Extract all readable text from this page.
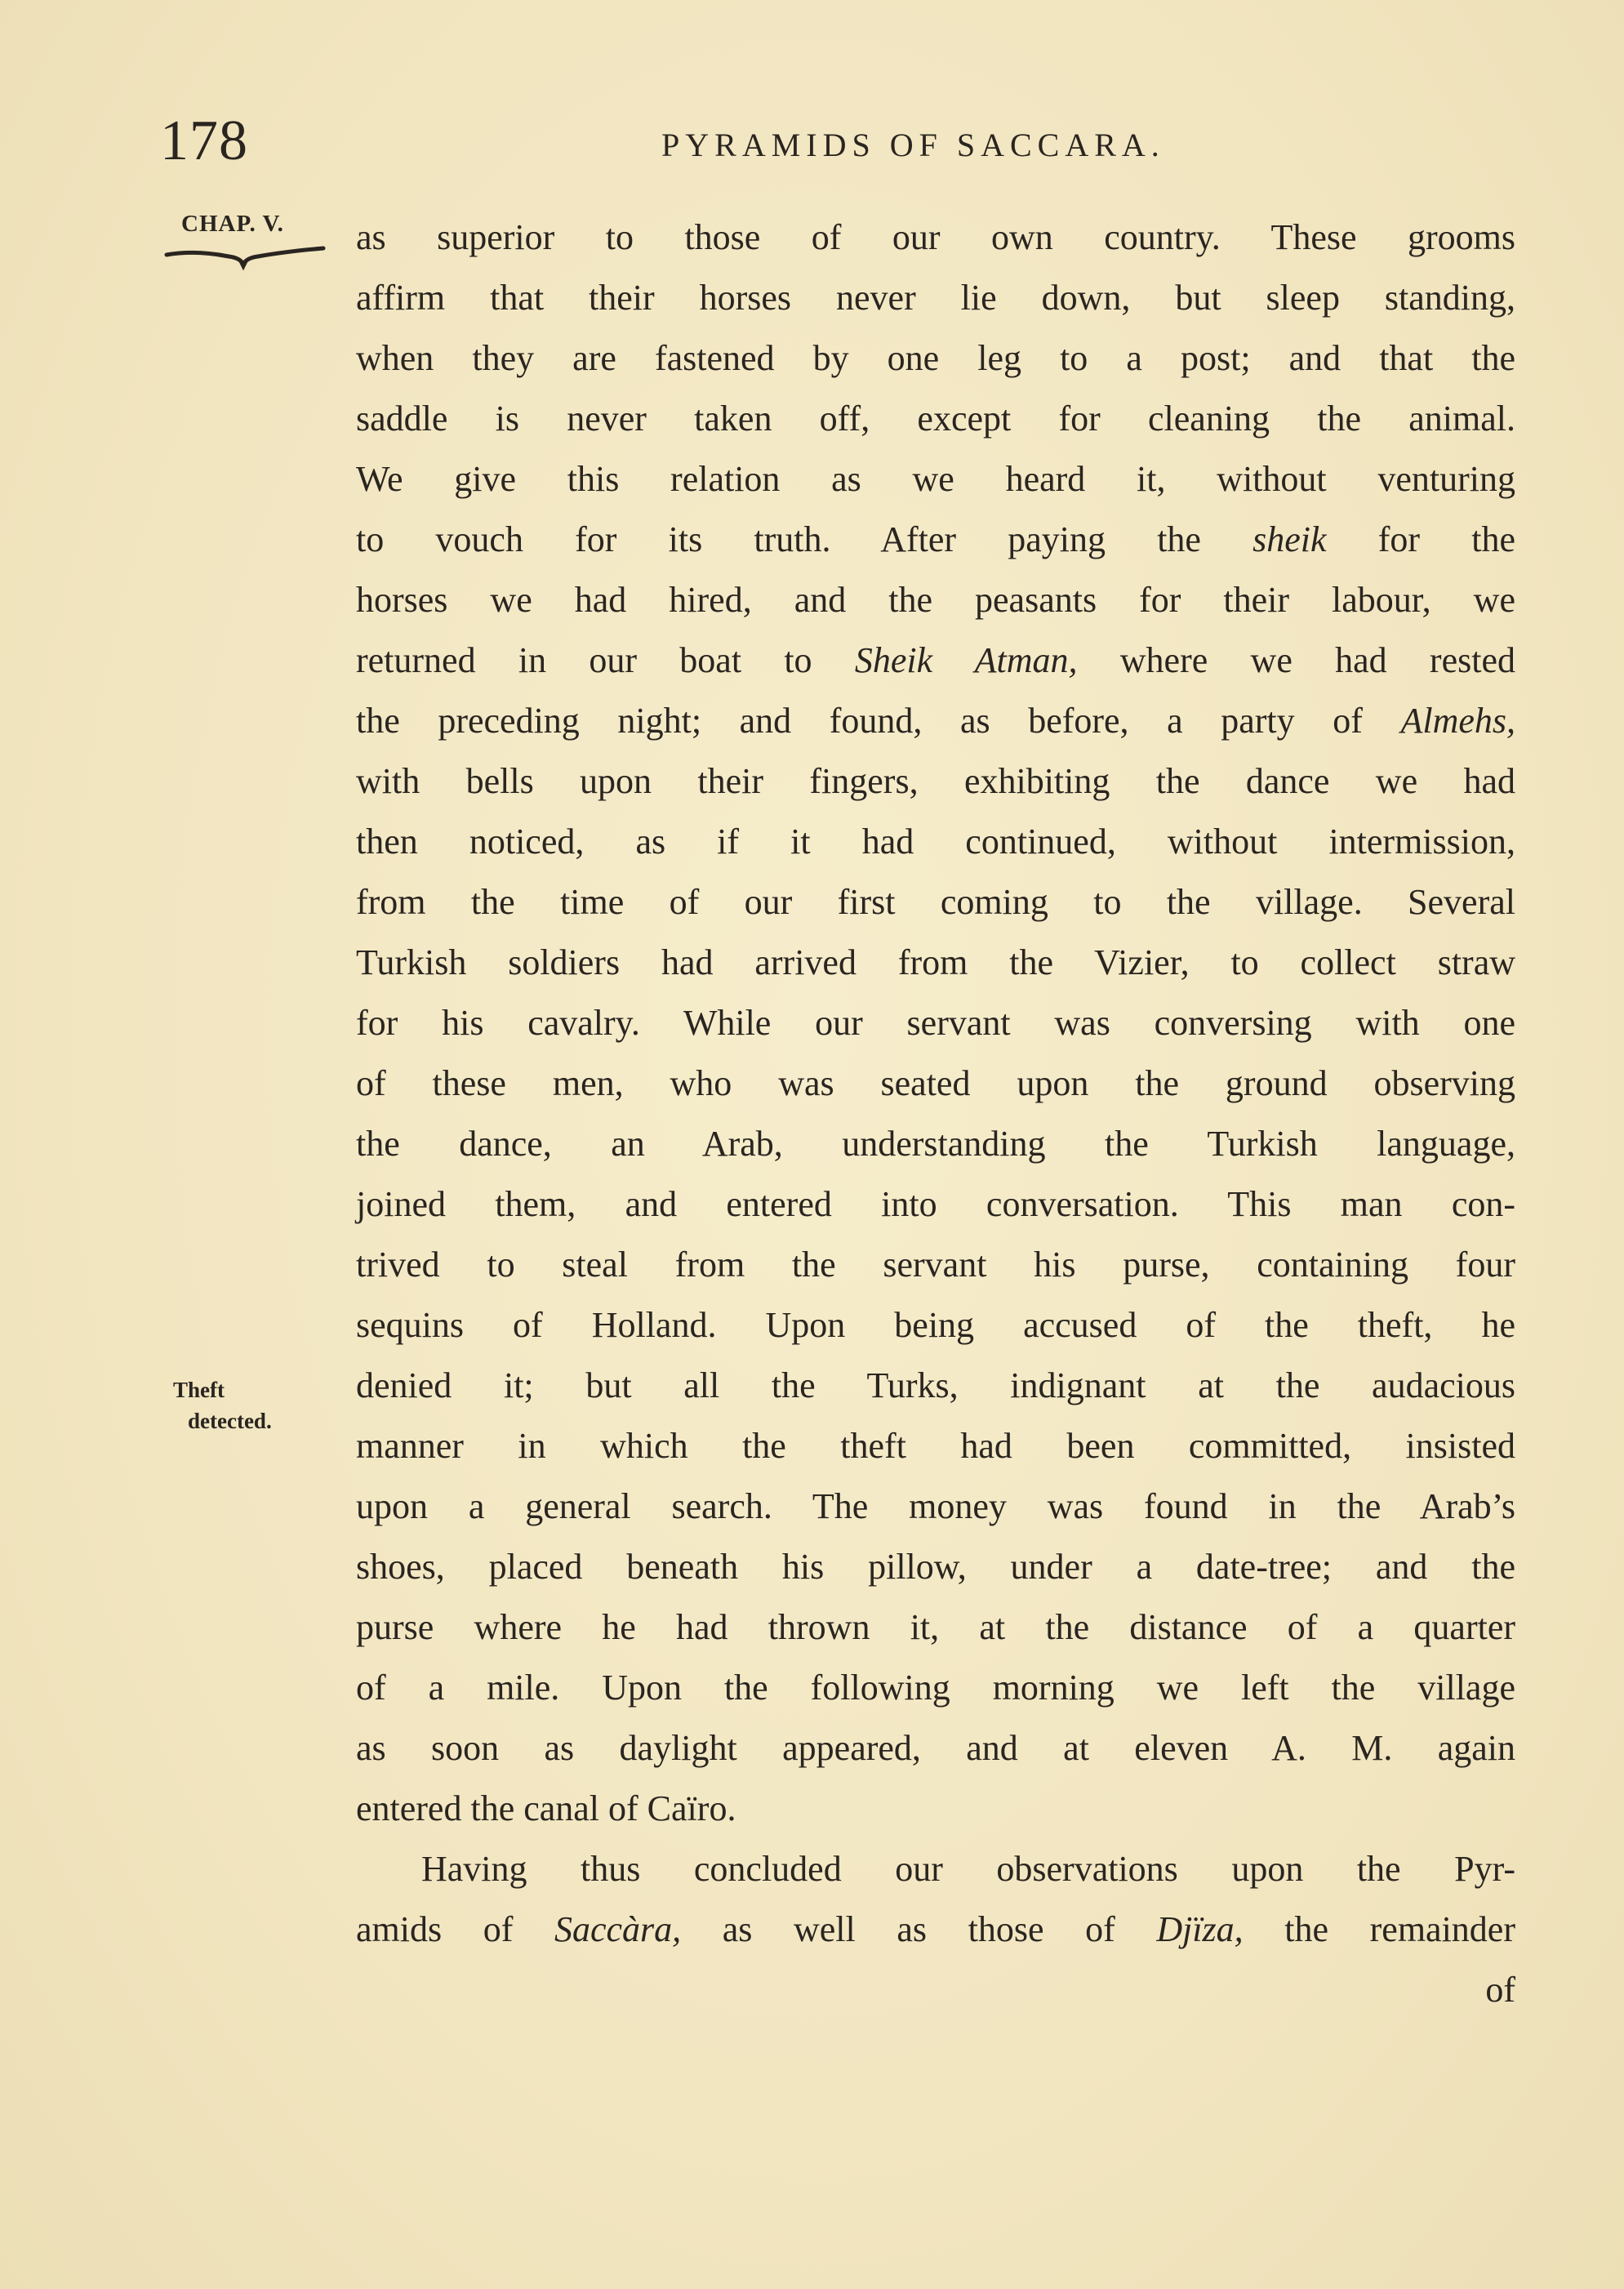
178	PYRAMIDS OF SACCARA.
CHAP. V.
Theft
detected.
as superior to those of our own country. These grooms
affirm that their horses never lie down, but sleep standing,
when they are fastened by one leg to a post; and that the
saddle is never taken off, except for cleaning the animal.
We give this relation as we heard it, without venturing
to vouch for its truth. After paying the sheik for the
horses we had hired, and the peasants for their labour, we
returned in our boat to Sheik Atman, where we had rested
the preceding night; and found, as before, a party of Almehs,
with bells upon their fingers, exhibiting the dance we had
then noticed, as if it had continued, without intermission,
from the time of our first coming to the village. Several
Turkish soldiers had arrived from the Vizier, to collect straw
for his cavalry. While our servant was conversing with one
of these men, who was seated upon the ground observing
the dance, an Arab, understanding the Turkish language,
joined them, and entered into conversation. This man con-
trived to steal from the servant his purse, containing four
sequins of Holland. Upon being accused of the theft, he
denied it; but all the Turks, indignant at the audacious
manner in which the theft had been committed, insisted
upon a general search. The money was found in the Arab’s
shoes, placed beneath his pillow, under a date-tree; and the
purse where he had thrown it, at the distance of a quarter
of a mile. Upon the following morning we left the village
as soon as daylight appeared, and at eleven A. M. again
entered the canal of Caïro.
Having thus concluded our observations upon the Pyr-
amids of Saccàra, as well as those of Djïza, the remainder
of
